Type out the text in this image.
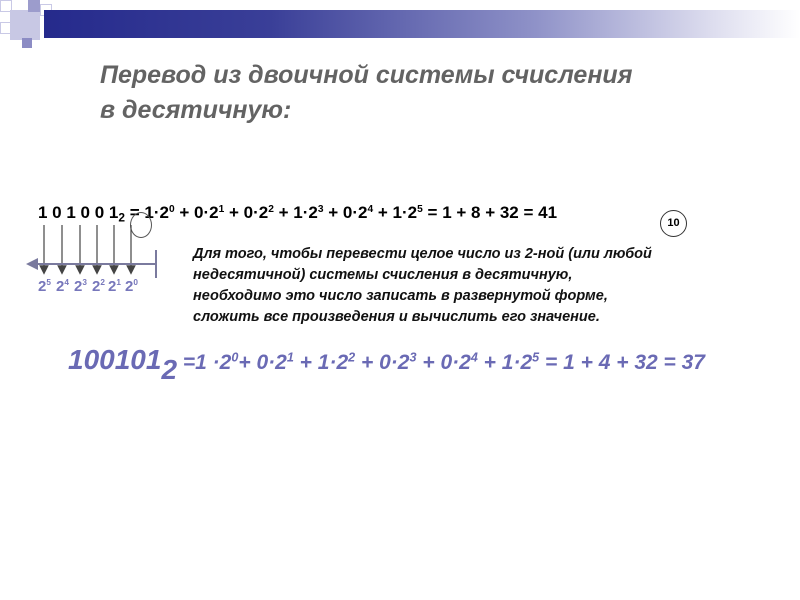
Перевод из двоичной системы счисления
в десятичную:
1 0 1 0 0 $1_2 = 1\cdot 2^0 + 0\cdot 2^1 + 0\cdot 2^2 + 1\cdot 2^3 + 0\cdot 2^4 + 1\cdot 2^5 = 1 + 8 + 32 = 41$
10
$2^5$ $2^4$ $2^3$ $2^2$ $2^1$ $2^0$
Для того, чтобы перевести целое число из 2-ной (или любой
недесятичной) системы счисления в десятичную,
необходимо это число записать в развернутой форме,
сложить все произведения и вычислить его значение.
$100101_2 =1 \cdot 2^0+ 0\cdot 2^1 + 1\cdot 2^2 + 0\cdot 2^3 + 0\cdot 2^4 + 1\cdot 2^5 = 1 + 4 + 32 = 37$
